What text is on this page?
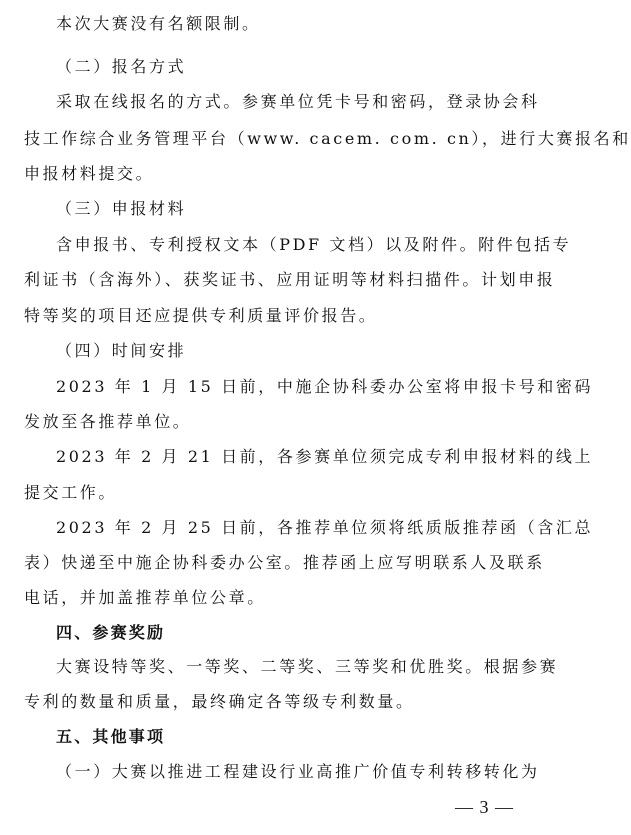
本次大赛没有名额限制。
（二）报名方式
采取在线报名的方式。参赛单位凭卡号和密码，登录协会科
技工作综合业务管理平台（www. cacem. com. cn），进行大赛报名和
申报材料提交。
（三）申报材料
含申报书、专利授权文本（PDF 文档）以及附件。附件包括专
利证书（含海外）、获奖证书、应用证明等材料扫描件。计划申报
特等奖的项目还应提供专利质量评价报告。
（四）时间安排
2023 年 1 月 15 日前，中施企协科委办公室将申报卡号和密码
发放至各推荐单位。
2023 年 2 月 21 日前，各参赛单位须完成专利申报材料的线上
提交工作。
2023 年 2 月 25 日前，各推荐单位须将纸质版推荐函（含汇总
表）快递至中施企协科委办公室。推荐函上应写明联系人及联系
电话，并加盖推荐单位公章。
四、参赛奖励
大赛设特等奖、一等奖、二等奖、三等奖和优胜奖。根据参赛
专利的数量和质量，最终确定各等级专利数量。
五、其他事项
（一）大赛以推进工程建设行业高推广价值专利转移转化为
— 3 —
